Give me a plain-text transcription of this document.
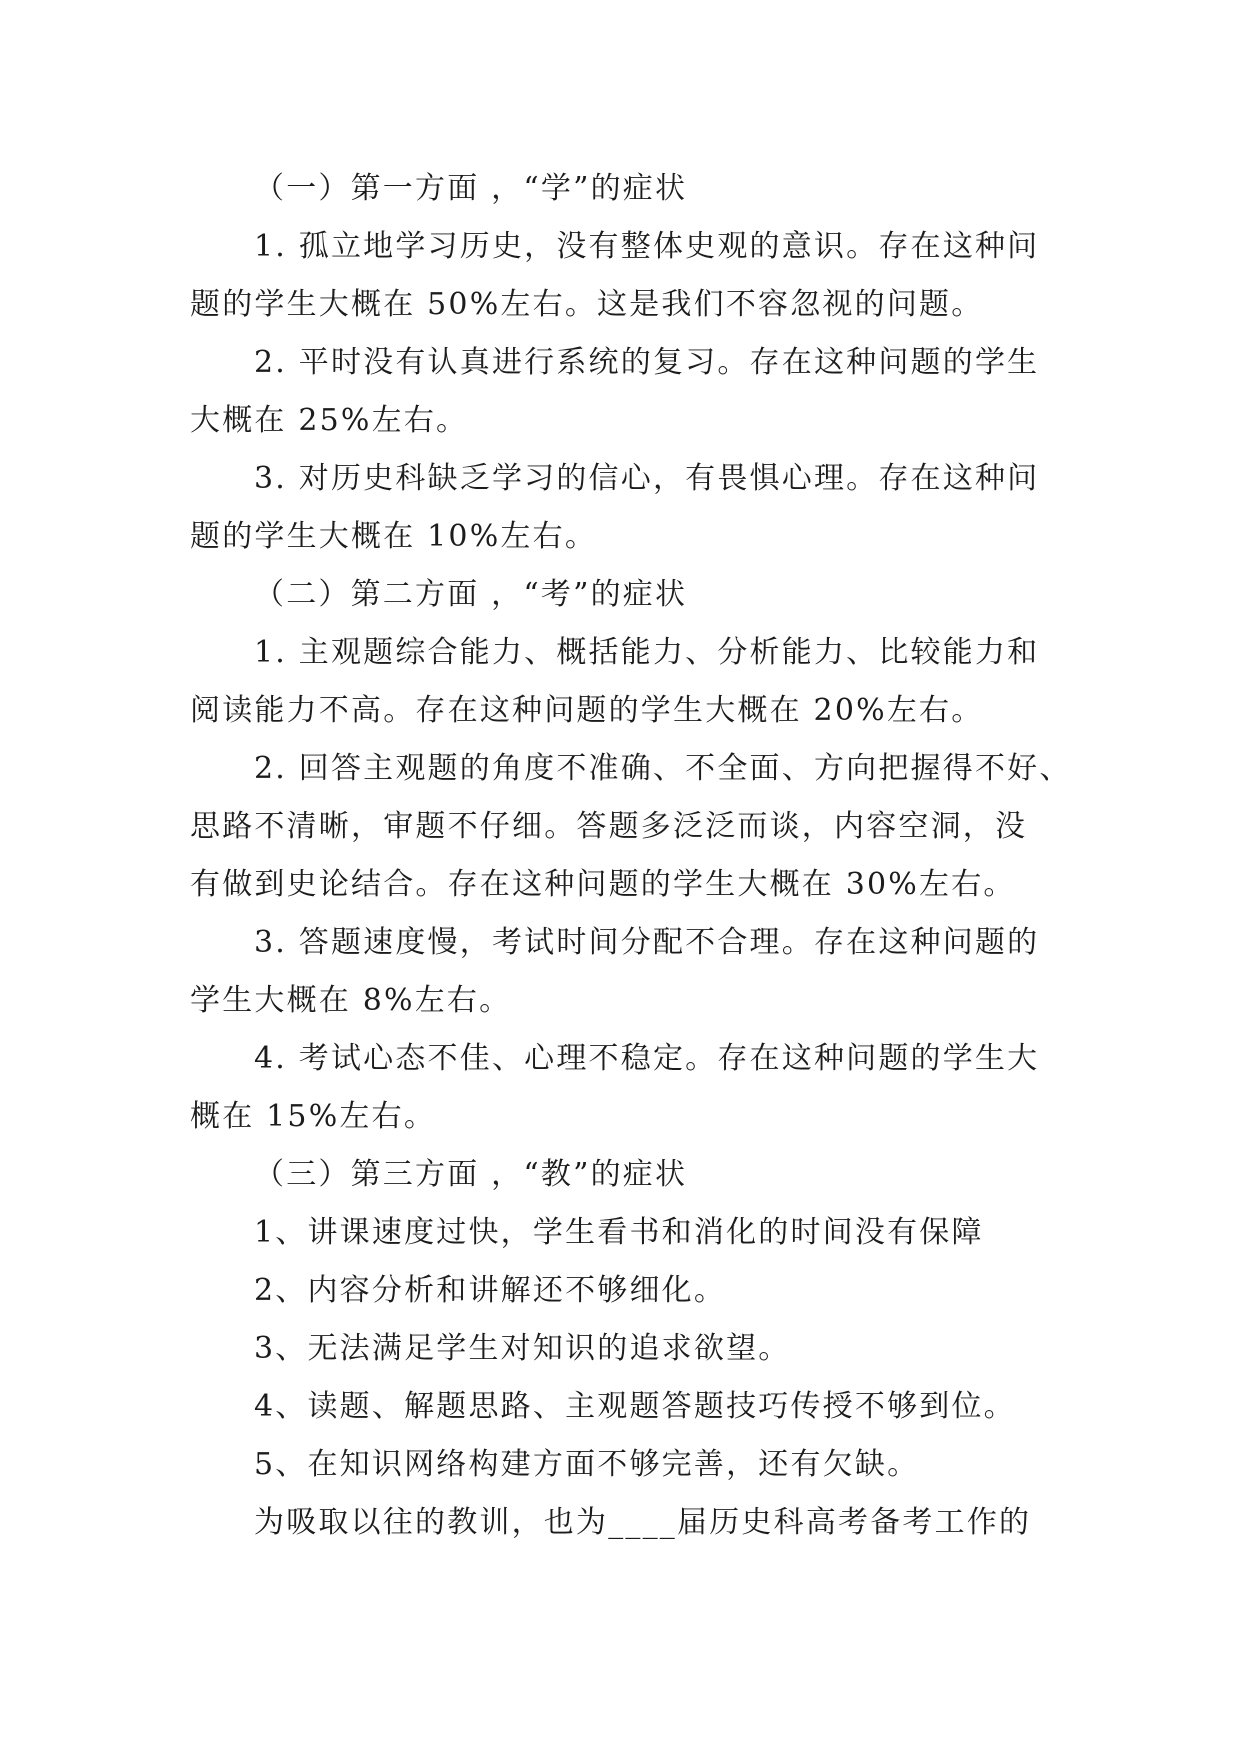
（一）第一方面 ，“学”的症状
1. 孤立地学习历史，没有整体史观的意识。存在这种问
题的学生大概在 50%左右。这是我们不容忽视的问题。
2. 平时没有认真进行系统的复习。存在这种问题的学生
大概在 25%左右。
3. 对历史科缺乏学习的信心，有畏惧心理。存在这种问
题的学生大概在 10%左右。
（二）第二方面 ，“考”的症状
1. 主观题综合能力、概括能力、分析能力、比较能力和
阅读能力不高。存在这种问题的学生大概在 20%左右。
2. 回答主观题的角度不准确、不全面、方向把握得不好、
思路不清晰，审题不仔细。答题多泛泛而谈，内容空洞，没
有做到史论结合。存在这种问题的学生大概在 30%左右。
3. 答题速度慢，考试时间分配不合理。存在这种问题的
学生大概在 8%左右。
4. 考试心态不佳、心理不稳定。存在这种问题的学生大
概在 15%左右。
（三）第三方面 ，“教”的症状
1、讲课速度过快，学生看书和消化的时间没有保障
2、内容分析和讲解还不够细化。
3、无法满足学生对知识的追求欲望。
4、读题、解题思路、主观题答题技巧传授不够到位。
5、在知识网络构建方面不够完善，还有欠缺。
为吸取以往的教训，也为____届历史科高考备考工作的
